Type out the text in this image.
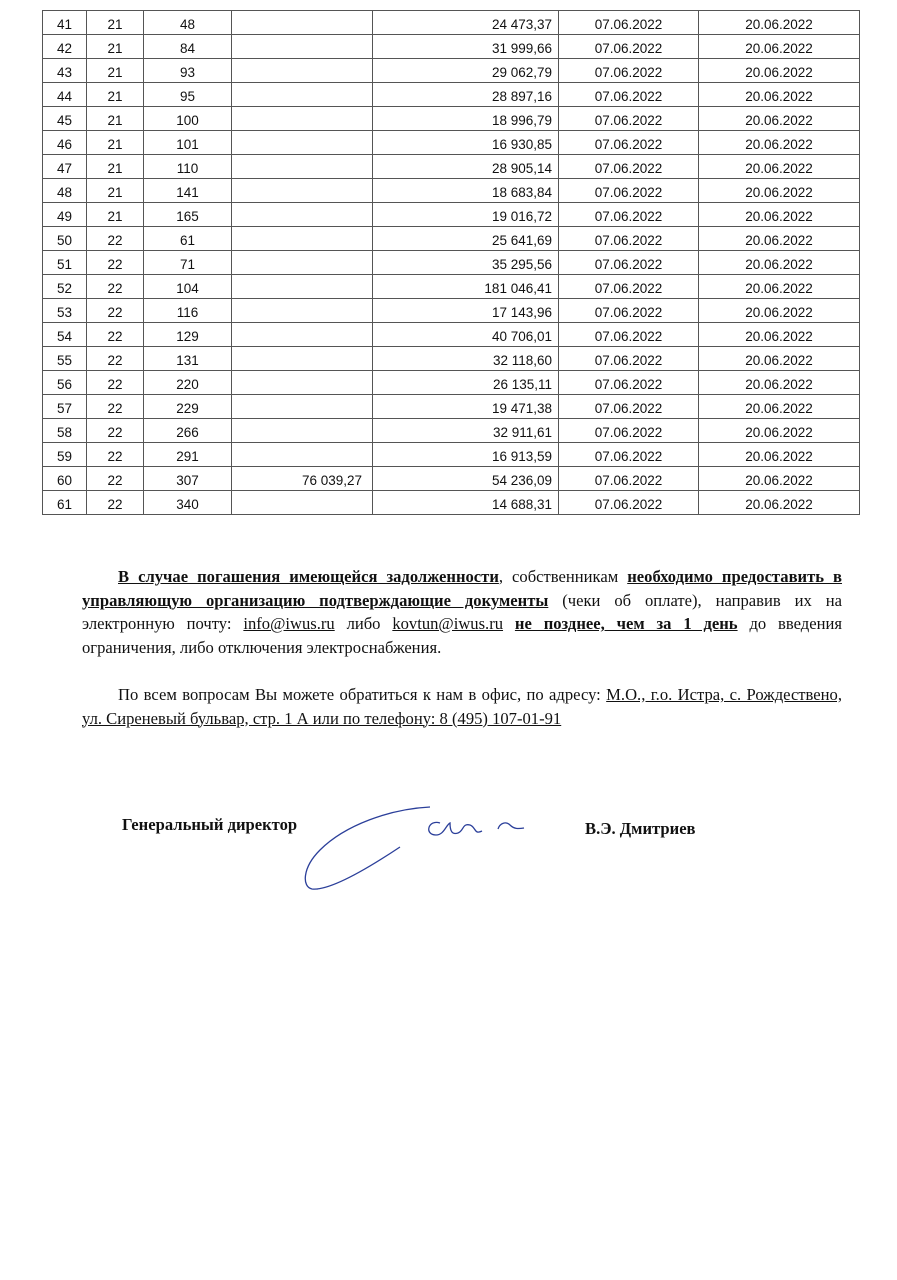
41	21	48		24 473,37	07.06.2022	20.06.2022
42	21	84		31 999,66	07.06.2022	20.06.2022
43	21	93		29 062,79	07.06.2022	20.06.2022
44	21	95		28 897,16	07.06.2022	20.06.2022
45	21	100		18 996,79	07.06.2022	20.06.2022
46	21	101		16 930,85	07.06.2022	20.06.2022
47	21	110		28 905,14	07.06.2022	20.06.2022
48	21	141		18 683,84	07.06.2022	20.06.2022
49	21	165		19 016,72	07.06.2022	20.06.2022
50	22	61		25 641,69	07.06.2022	20.06.2022
51	22	71		35 295,56	07.06.2022	20.06.2022
52	22	104		181 046,41	07.06.2022	20.06.2022
53	22	116		17 143,96	07.06.2022	20.06.2022
54	22	129		40 706,01	07.06.2022	20.06.2022
55	22	131		32 118,60	07.06.2022	20.06.2022
56	22	220		26 135,11	07.06.2022	20.06.2022
57	22	229		19 471,38	07.06.2022	20.06.2022
58	22	266		32 911,61	07.06.2022	20.06.2022
59	22	291		16 913,59	07.06.2022	20.06.2022
60	22	307	76 039,27	54 236,09	07.06.2022	20.06.2022
61	22	340		14 688,31	07.06.2022	20.06.2022

В случае погашения имеющейся задолженности, собственникам необходимо предоставить в управляющую организацию подтверждающие документы (чеки об оплате), направив их на электронную почту: info@iwus.ru либо kovtun@iwus.ru не позднее, чем за 1 день до введения ограничения, либо отключения электроснабжения.

По всем вопросам Вы можете обратиться к нам в офис, по адресу: М.О., г.о. Истра, с. Рождествено, ул. Сиреневый бульвар, стр. 1 А или по телефону: 8 (495) 107-01-91

Генеральный директор	В.Э. Дмитриев
